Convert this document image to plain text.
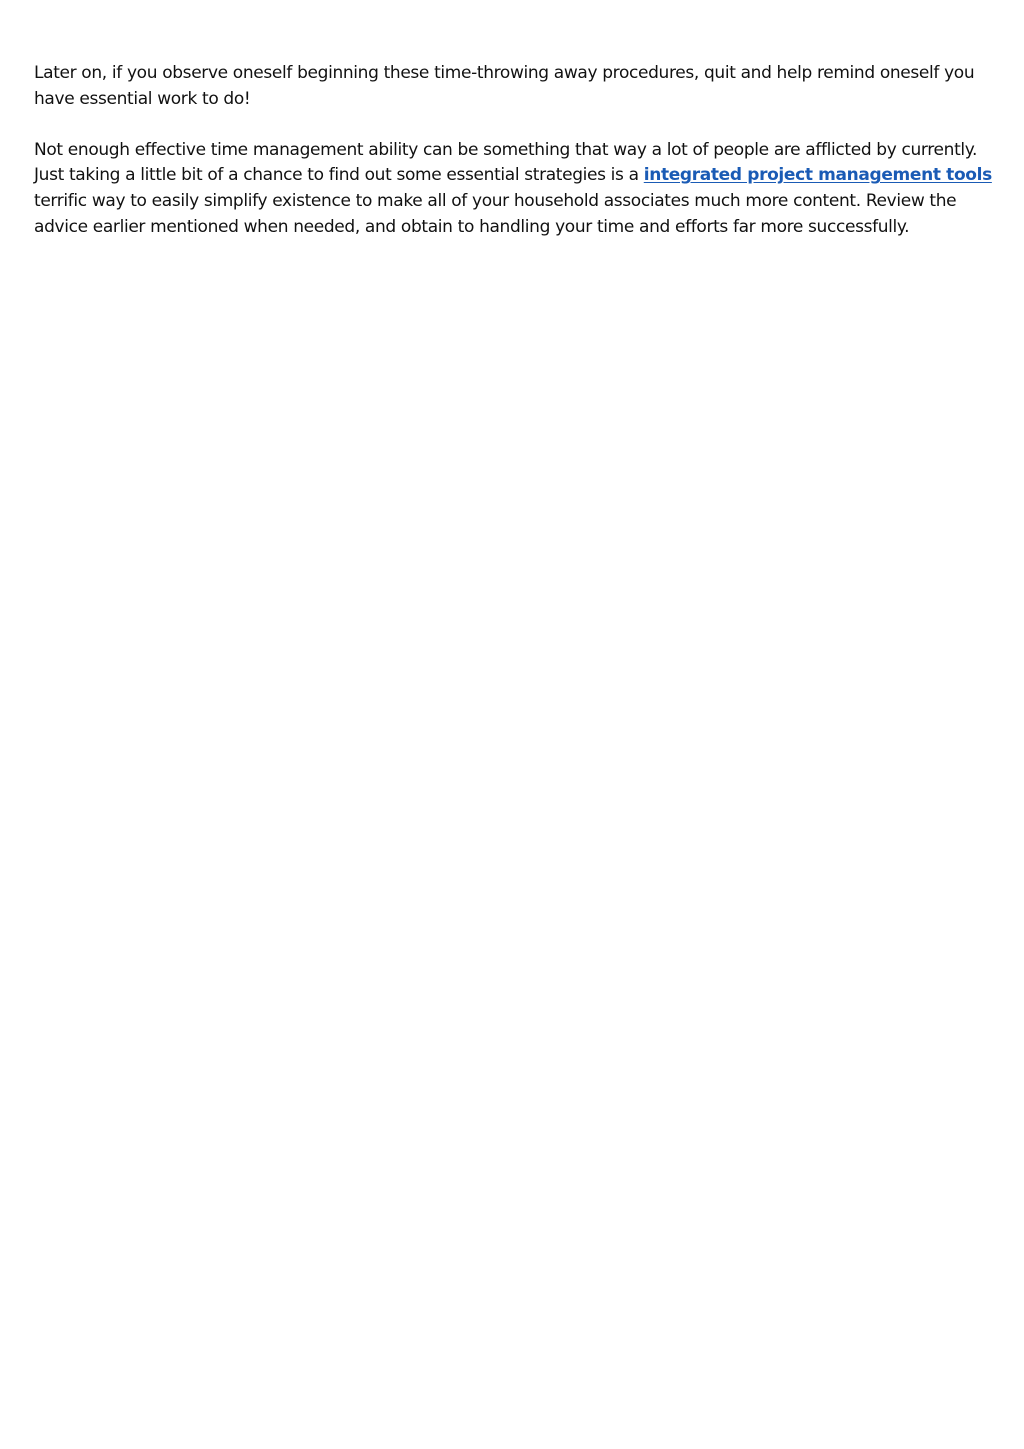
Later on, if you observe oneself beginning these time-throwing away procedures, quit and help remind oneself you have essential work to do!

Not enough effective time management ability can be something that way a lot of people are afflicted by currently. Just taking a little bit of a chance to find out some essential strategies is a integrated project management tools terrific way to easily simplify existence to make all of your household associates much more content. Review the advice earlier mentioned when needed, and obtain to handling your time and efforts far more successfully.
